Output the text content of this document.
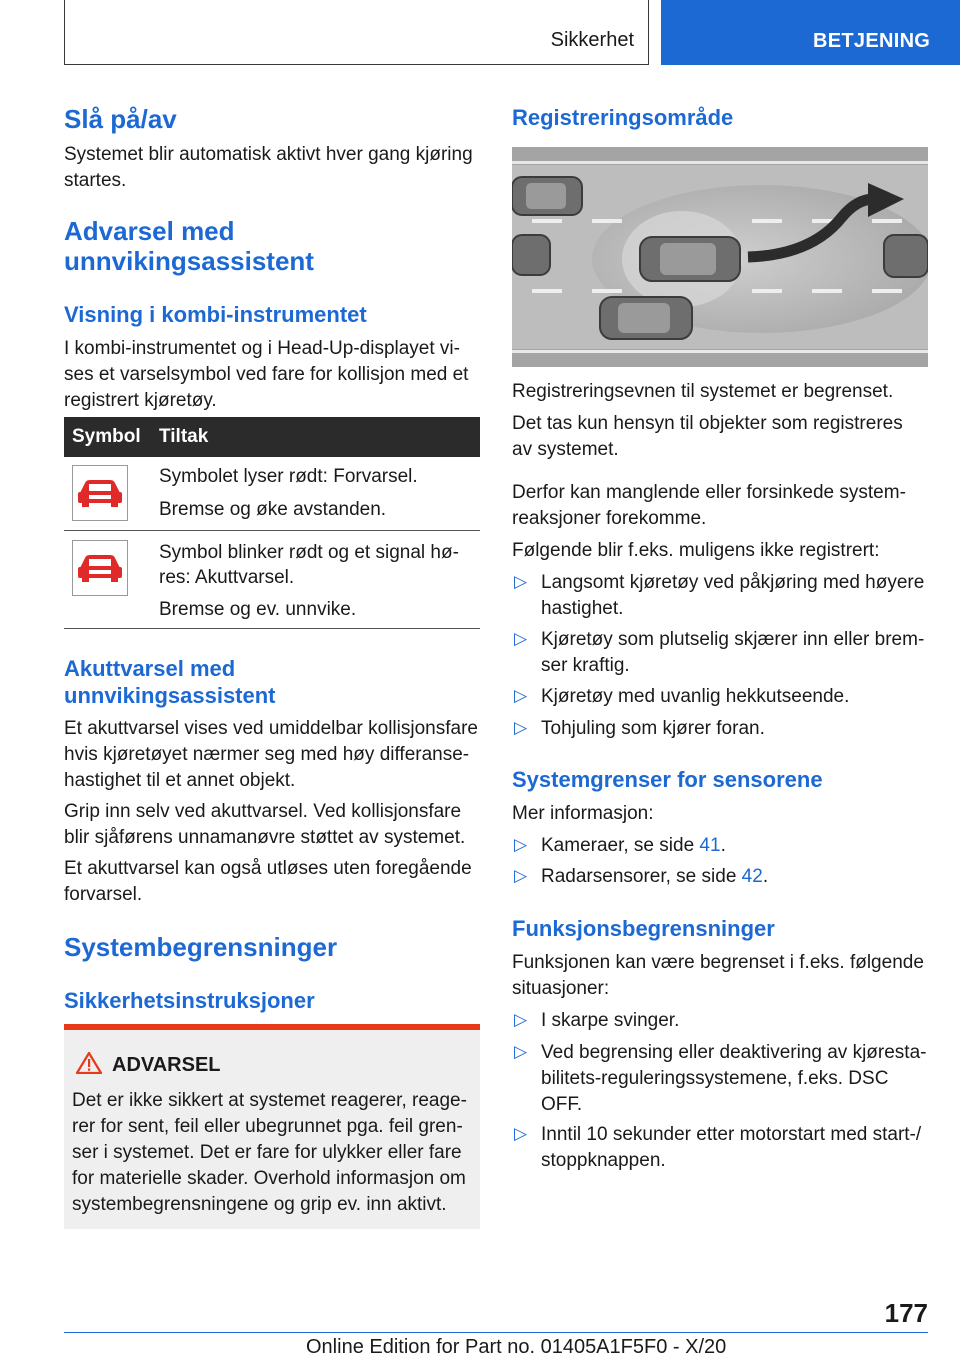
Sikkerhet	BETJENING
Slå på/av
Systemet blir automatisk aktivt hver gang kjøring
startes.
Advarsel med
unnvikingsassistent
Visning i kombi-instrumentet
I kombi-instrumentet og i Head-Up-displayet vi-
ses et varselsymbol ved fare for kollisjon med et
registrert kjøretøy.
Symbol Tiltak
Symbolet lyser rødt: Forvarsel.
Bremse og øke avstanden.
Symbol blinker rødt og et signal hø-
res: Akuttvarsel.
Bremse og ev. unnvike.
Akuttvarsel med
unnvikingsassistent
Et akuttvarsel vises ved umiddelbar kollisjonsfare
hvis kjøretøyet nærmer seg med høy differanse-
hastighet til et annet objekt.
Grip inn selv ved akuttvarsel. Ved kollisjonsfare
blir sjåførens unnamanøvre støttet av systemet.
Et akuttvarsel kan også utløses uten foregående
forvarsel.
Systembegrensninger
Sikkerhetsinstruksjoner
ADVARSEL
Det er ikke sikkert at systemet reagerer, reage-
rer for sent, feil eller ubegrunnet pga. feil gren-
ser i systemet. Det er fare for ulykker eller fare
for materielle skader. Overhold informasjon om
systembegrensningene og grip ev. inn aktivt.
Registreringsområde
Registreringsevnen til systemet er begrenset.
Det tas kun hensyn til objekter som registreres
av systemet.
Derfor kan manglende eller forsinkede system-
reaksjoner forekomme.
Følgende blir f.eks. muligens ikke registrert:
▷ Langsomt kjøretøy ved påkjøring med høyere
hastighet.
▷ Kjøretøy som plutselig skjærer inn eller brem-
ser kraftig.
▷ Kjøretøy med uvanlig hekkutseende.
▷ Tohjuling som kjører foran.
Systemgrenser for sensorene
Mer informasjon:
▷ Kameraer, se side 41.
▷ Radarsensorer, se side 42.
Funksjonsbegrensninger
Funksjonen kan være begrenset i f.eks. følgende
situasjoner:
▷ I skarpe svinger.
▷ Ved begrensing eller deaktivering av kjøresta-
bilitets-reguleringssystemene, f.eks. DSC
OFF.
▷ Inntil 10 sekunder etter motorstart med start-/
stoppknappen.
177
Online Edition for Part no. 01405A1F5F0 - X/20
